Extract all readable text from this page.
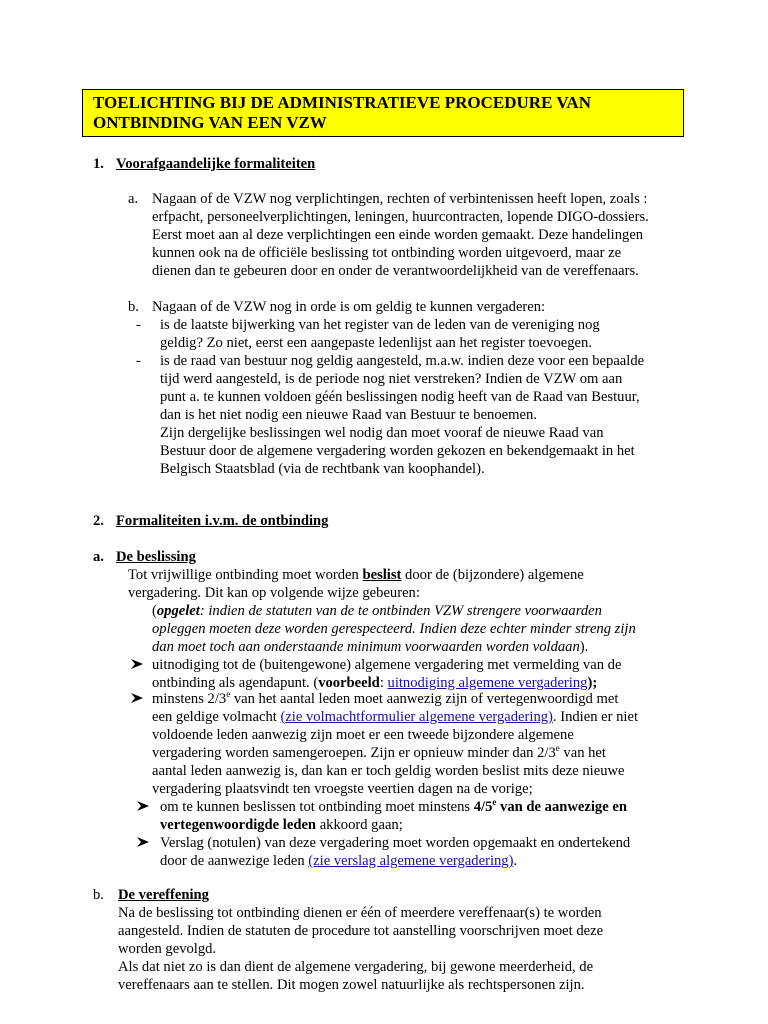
TOELICHTING BIJ DE ADMINISTRATIEVE PROCEDURE VAN ONTBINDING VAN EEN VZW
1. Voorafgaandelijke formaliteiten
a. Nagaan of de VZW nog verplichtingen, rechten of verbintenissen heeft lopen, zoals :
erfpacht, personeelverplichtingen, leningen, huurcontracten, lopende DIGO-dossiers.
Eerst moet aan al deze verplichtingen een einde worden gemaakt. Deze handelingen
kunnen ook na de officiële beslissing tot ontbinding worden uitgevoerd, maar ze
dienen dan te gebeuren door en onder de verantwoordelijkheid van de vereffenaars.
b. Nagaan of de VZW nog in orde is om geldig te kunnen vergaderen:
- is de laatste bijwerking van het register van de leden van de vereniging nog
geldig? Zo niet, eerst een aangepaste ledenlijst aan het register toevoegen.
- is de raad van bestuur nog geldig aangesteld, m.a.w. indien deze voor een bepaalde
tijd werd aangesteld, is de periode nog niet verstreken? Indien de VZW om aan
punt a. te kunnen voldoen géén beslissingen nodig heeft van de Raad van Bestuur,
dan is het niet nodig een nieuwe Raad van Bestuur te benoemen.
Zijn dergelijke beslissingen wel nodig dan moet vooraf de nieuwe Raad van
Bestuur door de algemene vergadering worden gekozen en bekendgemaakt in het
Belgisch Staatsblad (via de rechtbank van koophandel).
2. Formaliteiten i.v.m. de ontbinding
a. De beslissing
Tot vrijwillige ontbinding moet worden beslist door de (bijzondere) algemene
vergadering. Dit kan op volgende wijze gebeuren:
(opgelet: indien de statuten van de te ontbinden VZW strengere voorwaarden
opleggen moeten deze worden gerespecteerd. Indien deze echter minder streng zijn
dan moet toch aan onderstaande minimum voorwaarden worden voldaan).
uitnodiging tot de (buitengewone) algemene vergadering met vermelding van de
ontbinding als agendapunt. (voorbeeld: uitnodiging algemene vergadering);
minstens 2/3e van het aantal leden moet aanwezig zijn of vertegenwoordigd met
een geldige volmacht (zie volmachtformulier algemene vergadering). Indien er niet
voldoende leden aanwezig zijn moet er een tweede bijzondere algemene
vergadering worden samengeroepen. Zijn er opnieuw minder dan 2/3e van het
aantal leden aanwezig is, dan kan er toch geldig worden beslist mits deze nieuwe
vergadering plaatsvindt ten vroegste veertien dagen na de vorige;
om te kunnen beslissen tot ontbinding moet minstens 4/5e van de aanwezige en
vertegenwoordigde leden akkoord gaan;
Verslag (notulen) van deze vergadering moet worden opgemaakt en ondertekend
door de aanwezige leden (zie verslag algemene vergadering).
b. De vereffening
Na de beslissing tot ontbinding dienen er één of meerdere vereffenaar(s) te worden
aangesteld. Indien de statuten de procedure tot aanstelling voorschrijven moet deze
worden gevolgd.
Als dat niet zo is dan dient de algemene vergadering, bij gewone meerderheid, de
vereffenaars aan te stellen. Dit mogen zowel natuurlijke als rechtspersonen zijn.
